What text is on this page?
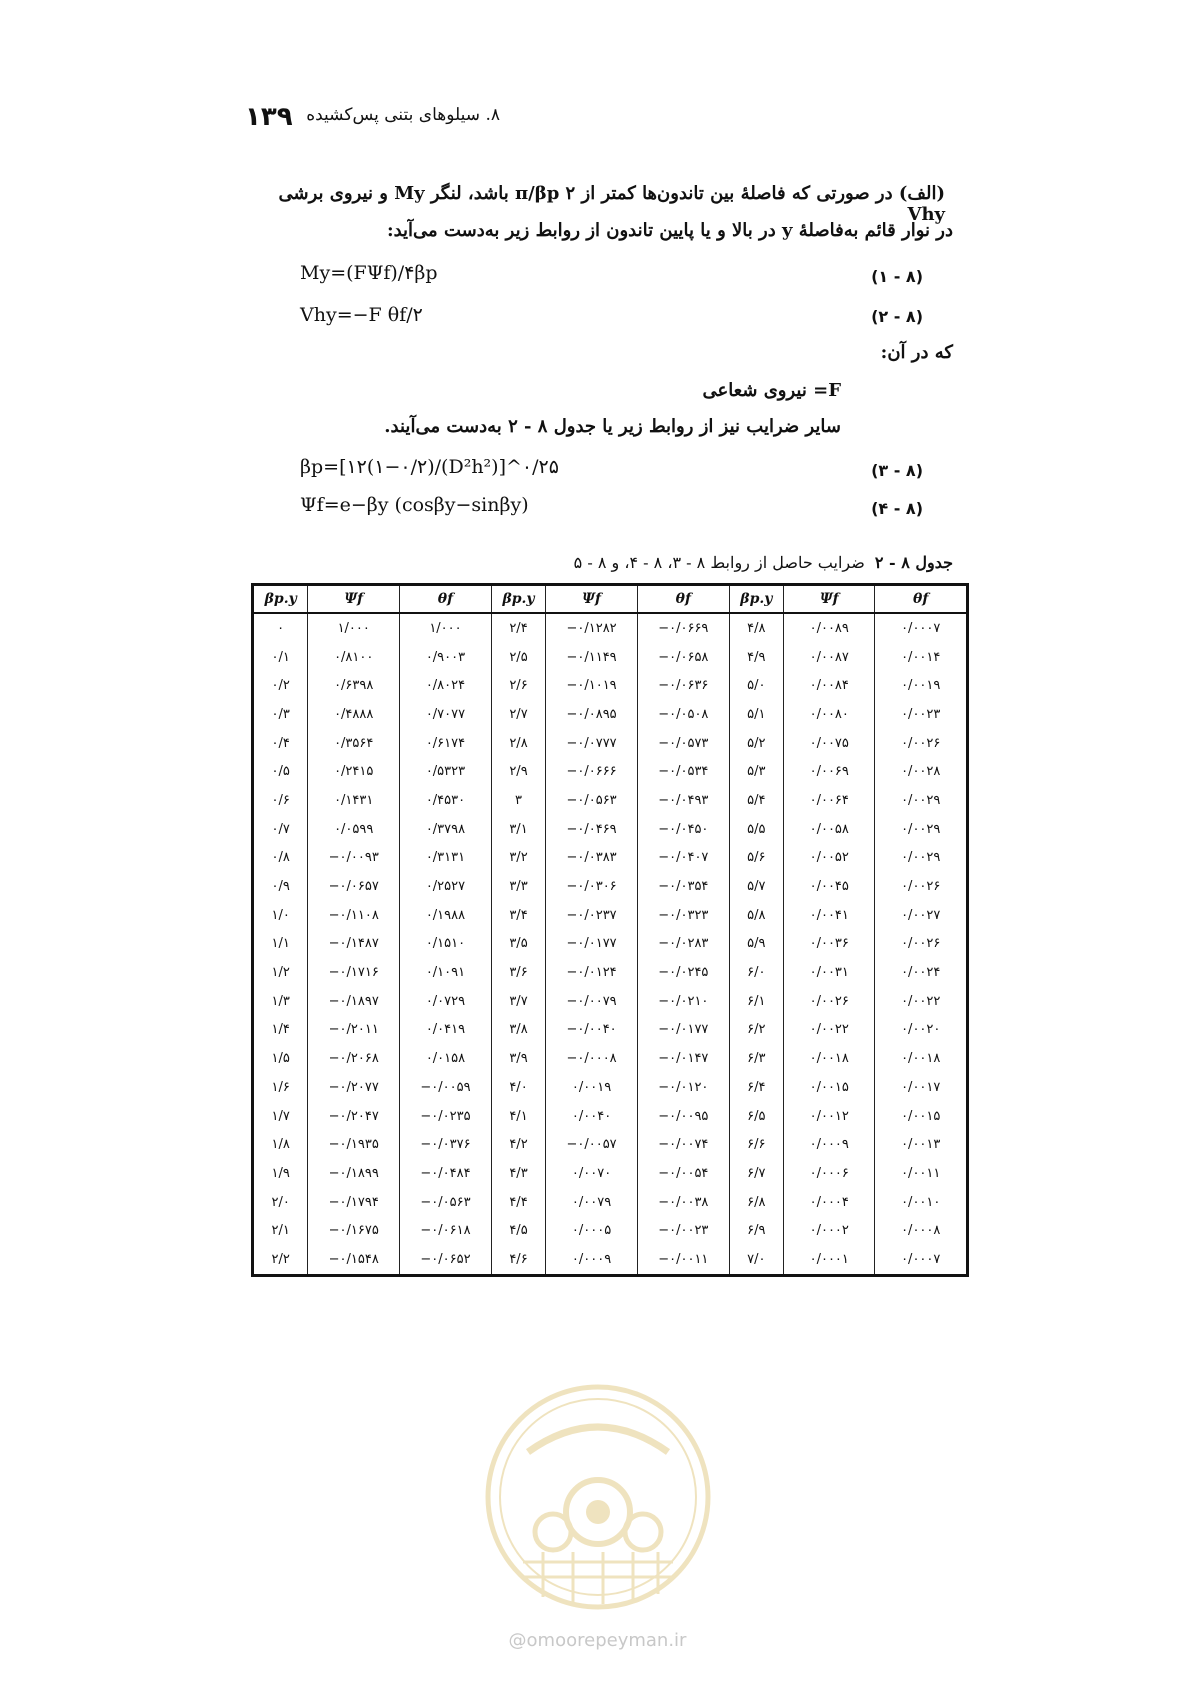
۱۳۹ ۸. سیلوهای بتنی پس‌کشیده
(الف) در صورتی که فاصلهٔ بین تاندون‌ها کمتر از π/β‌p ۲ باشد، لنگر My و نیروی برشی Vhy
در نوار قائم به‌فاصلهٔ y در بالا و یا پایین تاندون از روابط زیر به‌دست می‌آید:
My=(FΨf)/۴βp	(۸ - ۱)
Vhy=−F θf/۲	(۸ - ۲)
که در آن:
F= نیروی شعاعی
سایر ضرایب نیز از روابط زیر یا جدول ۸ - ۲ به‌دست می‌آیند.
βp=[۱۲(۱−۰/۲)/(D²h²)]^۰/۲۵	(۸ - ۳)
Ψf=e−βy (cosβy−sinβy)	(۸ - ۴)
جدول ۸ - ۲ضرایب حاصل از روابط ۸ - ۳، ۸ - ۴، و ۸ - ۵
βp.y	Ψf	θf	βp.y	Ψf	θf	βp.y	Ψf	θf
۰	۱/۰۰۰	۱/۰۰۰	۲/۴	−۰/۱۲۸۲	−۰/۰۶۶۹	۴/۸	۰/۰۰۸۹	۰/۰۰۰۷
۰/۱	۰/۸۱۰۰	۰/۹۰۰۳	۲/۵	−۰/۱۱۴۹	−۰/۰۶۵۸	۴/۹	۰/۰۰۸۷	۰/۰۰۱۴
۰/۲	۰/۶۳۹۸	۰/۸۰۲۴	۲/۶	−۰/۱۰۱۹	−۰/۰۶۳۶	۵/۰	۰/۰۰۸۴	۰/۰۰۱۹
۰/۳	۰/۴۸۸۸	۰/۷۰۷۷	۲/۷	−۰/۰۸۹۵	−۰/۰۵۰۸	۵/۱	۰/۰۰۸۰	۰/۰۰۲۳
۰/۴	۰/۳۵۶۴	۰/۶۱۷۴	۲/۸	−۰/۰۷۷۷	−۰/۰۵۷۳	۵/۲	۰/۰۰۷۵	۰/۰۰۲۶
۰/۵	۰/۲۴۱۵	۰/۵۳۲۳	۲/۹	−۰/۰۶۶۶	−۰/۰۵۳۴	۵/۳	۰/۰۰۶۹	۰/۰۰۲۸
۰/۶	۰/۱۴۳۱	۰/۴۵۳۰	۳	−۰/۰۵۶۳	−۰/۰۴۹۳	۵/۴	۰/۰۰۶۴	۰/۰۰۲۹
۰/۷	۰/۰۵۹۹	۰/۳۷۹۸	۳/۱	−۰/۰۴۶۹	−۰/۰۴۵۰	۵/۵	۰/۰۰۵۸	۰/۰۰۲۹
۰/۸	−۰/۰۰۹۳	۰/۳۱۳۱	۳/۲	−۰/۰۳۸۳	−۰/۰۴۰۷	۵/۶	۰/۰۰۵۲	۰/۰۰۲۹
۰/۹	−۰/۰۶۵۷	۰/۲۵۲۷	۳/۳	−۰/۰۳۰۶	−۰/۰۳۵۴	۵/۷	۰/۰۰۴۵	۰/۰۰۲۶
۱/۰	−۰/۱۱۰۸	۰/۱۹۸۸	۳/۴	−۰/۰۲۳۷	−۰/۰۳۲۳	۵/۸	۰/۰۰۴۱	۰/۰۰۲۷
۱/۱	−۰/۱۴۸۷	۰/۱۵۱۰	۳/۵	−۰/۰۱۷۷	−۰/۰۲۸۳	۵/۹	۰/۰۰۳۶	۰/۰۰۲۶
۱/۲	−۰/۱۷۱۶	۰/۱۰۹۱	۳/۶	−۰/۰۱۲۴	−۰/۰۲۴۵	۶/۰	۰/۰۰۳۱	۰/۰۰۲۴
۱/۳	−۰/۱۸۹۷	۰/۰۷۲۹	۳/۷	−۰/۰۰۷۹	−۰/۰۲۱۰	۶/۱	۰/۰۰۲۶	۰/۰۰۲۲
۱/۴	−۰/۲۰۱۱	۰/۰۴۱۹	۳/۸	−۰/۰۰۴۰	−۰/۰۱۷۷	۶/۲	۰/۰۰۲۲	۰/۰۰۲۰
۱/۵	−۰/۲۰۶۸	۰/۰۱۵۸	۳/۹	−۰/۰۰۰۸	−۰/۰۱۴۷	۶/۳	۰/۰۰۱۸	۰/۰۰۱۸
۱/۶	−۰/۲۰۷۷	−۰/۰۰۵۹	۴/۰	۰/۰۰۱۹	−۰/۰۱۲۰	۶/۴	۰/۰۰۱۵	۰/۰۰۱۷
۱/۷	−۰/۲۰۴۷	−۰/۰۲۳۵	۴/۱	۰/۰۰۴۰	−۰/۰۰۹۵	۶/۵	۰/۰۰۱۲	۰/۰۰۱۵
۱/۸	−۰/۱۹۳۵	−۰/۰۳۷۶	۴/۲	−۰/۰۰۵۷	−۰/۰۰۷۴	۶/۶	۰/۰۰۰۹	۰/۰۰۱۳
۱/۹	−۰/۱۸۹۹	−۰/۰۴۸۴	۴/۳	۰/۰۰۷۰	−۰/۰۰۵۴	۶/۷	۰/۰۰۰۶	۰/۰۰۱۱
۲/۰	−۰/۱۷۹۴	−۰/۰۵۶۳	۴/۴	۰/۰۰۷۹	−۰/۰۰۳۸	۶/۸	۰/۰۰۰۴	۰/۰۰۱۰
۲/۱	−۰/۱۶۷۵	−۰/۰۶۱۸	۴/۵	۰/۰۰۰۵	−۰/۰۰۲۳	۶/۹	۰/۰۰۰۲	۰/۰۰۰۸
۲/۲	−۰/۱۵۴۸	−۰/۰۶۵۲	۴/۶	۰/۰۰۰۹	−۰/۰۰۱۱	۷/۰	۰/۰۰۰۱	۰/۰۰۰۷
@omoorepeyman.ir
